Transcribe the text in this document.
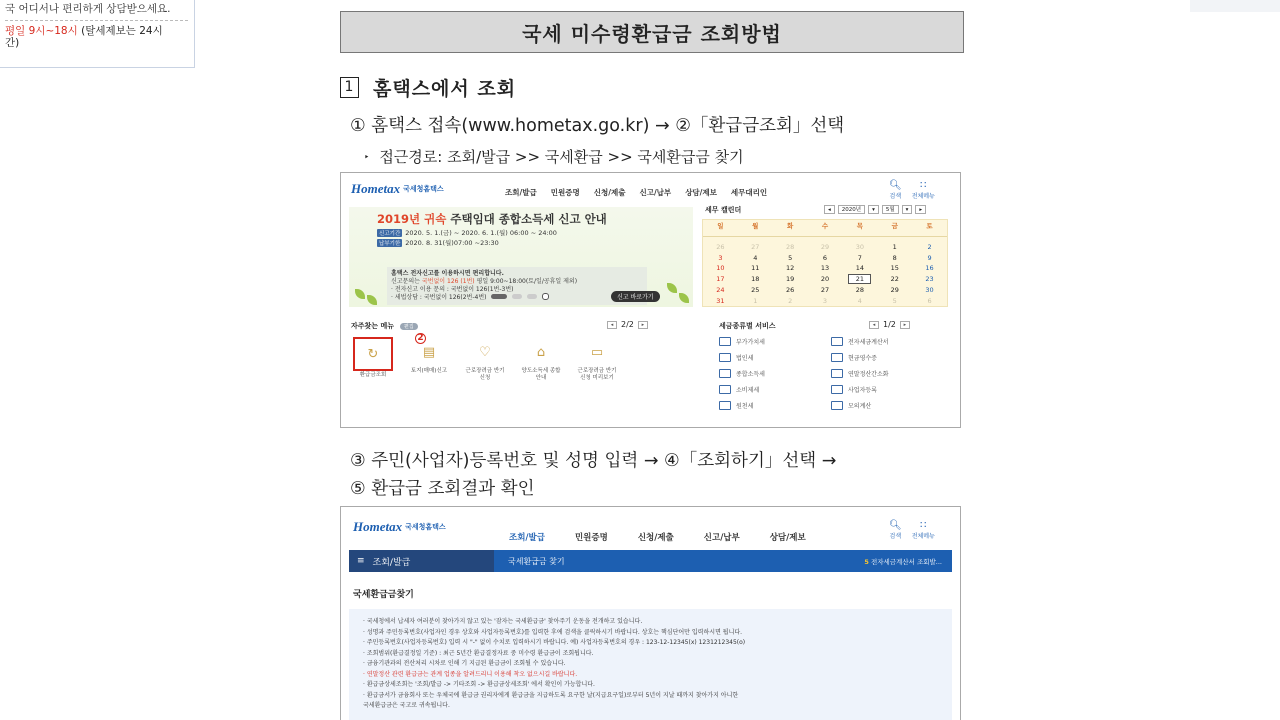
국 어디서나 편리하게 상담받으세요.
평일 9시~18시 (탈세제보는 24시
간)	국세 미수령환급금 조회방법
1 홈택스에서 조회
① 홈택스 접속(www.hometax.go.kr) → ②「환급금조회」선택
‣ 접근경로: 조회/발급 >> 국세환급 >> 국세환급금 찾기
Hometax 국세청홈택스	조회/발급 민원증명 신청/제출 신고/납부 상담/제보 세무대리인
🔍︎
검색
∷
전체메뉴
2019년 귀속 주택임대 종합소득세 신고 안내
신고기간 2020. 5. 1.(금) ~ 2020. 6. 1.(월) 06:00 ~ 24:00
납부기한 2020. 8. 31(월)07:00 ~23:30
홈택스 전자신고를 이용하시면 편리합니다.
신고문의는 국번없이 126 (1번) 평일 9:00~18:00(토/일/공휴일 제외)
· 전자신고 이용 문의 : 국번없이 126(1번-3번)
· 세법상담 : 국번없이 126(2번-4번)	신고 바로가기
세무 캘린더	◂	2020년	▾	5월	▾	▸
일	월	화	수	목	금	토
26	27	28	29	30	1	2
3	4	5	6	7	8	9
10	11	12	13	14	15	16
17	18	19	20	21	22	23
24	25	26	27	28	29	30
31	1	2	3	4	5	6
자주찾는 메뉴	편집	◂ 2/2	▸
2
↻
환급금조회
▤
토지(매매)신고
♡
근로장려금 반기 신청
⌂
양도소득세 종합안내
▭
근로장려금 반기신청 미리보기
세금종류별 서비스	◂ 1/2	▸
부가가치세	전자세금계산서
법인세	현금영수증
종합소득세	연말정산간소화
소비제세	사업자등록
원천세	모의계산
③ 주민(사업자)등록번호 및 성명 입력 → ④「조회하기」선택 →
⑤ 환급금 조회결과 확인
Hometax 국세청홈택스
조회/발급	민원증명	신청/제출	신고/납부	상담/제보
🔍︎
검색
∷
전체메뉴
≡ 조회/발급	국세환급금 찾기	5 전자세금계산서 조회발...
국세환급금찾기
· 국세청에서 납세자 여러분이 찾아가지 않고 있는 '잠자는 국세환급금' 찾아주기 운동을 전개하고 있습니다.
· 성명과 주민등록번호(사업자인 경우 상호와 사업자등록번호)를 입력한 후에 검색을 클릭하시기 바랍니다. 상호는 핵심단어만 입력하시면 됩니다.
· 주민등록번호(사업자등록번호) 입력 시 "-" 없이 수치로 입력하시기 바랍니다. 예) 사업자등록번호의 경우 : 123-12-12345(x) 1231212345(o)
· 조회범위(환급결정일 기준) : 최근 5년간 환급결정자료 중 미수령 환급금이 조회됩니다.
· 금융기관과의 전산처리 시차로 인해 기 지급된 환급금이 조회될 수 있습니다.
· 연말정산 관련 환급금는 관계 업종을 알려드리니 이용해 착오 없으시길 바랍니다.
· 환급금상세조회는 '조회/발급 -> 기타조회 -> 환급금상세조회' 에서 확인이 가능합니다.
· 환급금서가 금융회사 또는 우체국에 환급금 권리자에게 환급금을 지급하도록 요구한 날(지급요구일)로부터 5년이 지날 때까지 찾아가지 아니한
국세환급금은 국고로 귀속됩니다.
